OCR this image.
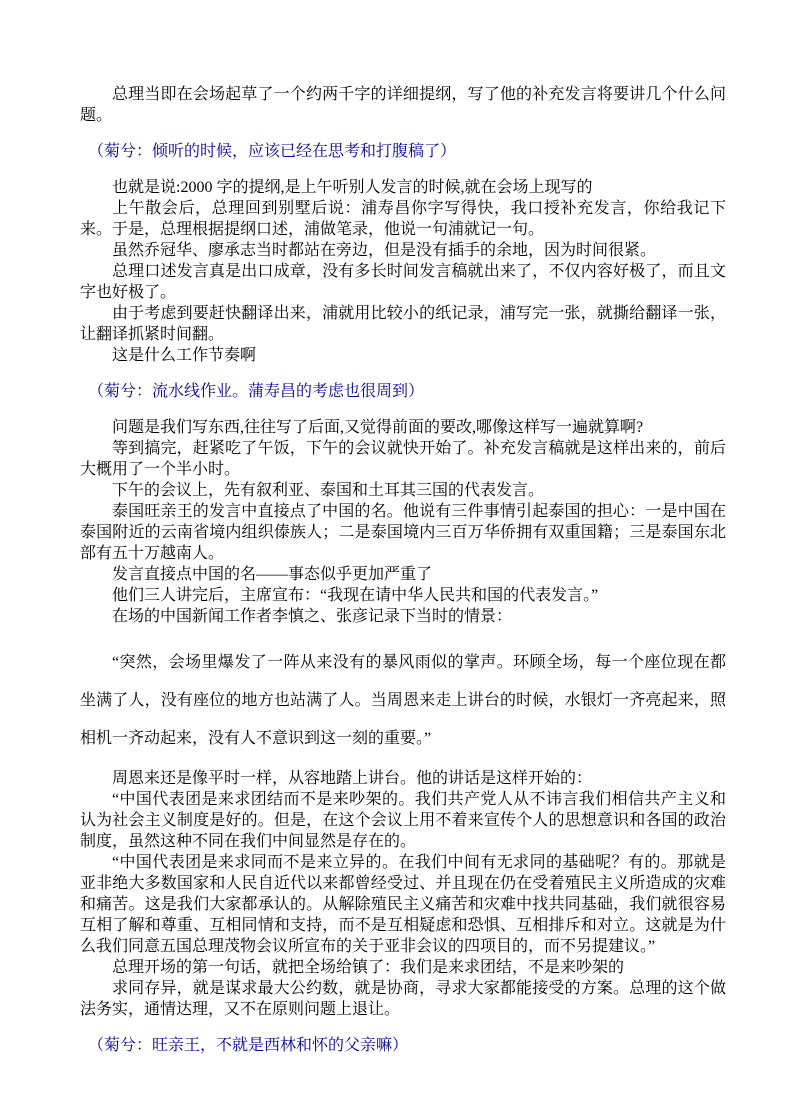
总理当即在会场起草了一个约两千字的详细提纲，写了他的补充发言将要讲几个什么问题。

（菊兮：倾听的时候，应该已经在思考和打腹稿了）

也就是说:2000 字的提纲,是上午听别人发言的时候,就在会场上现写的

上午散会后，总理回到别墅后说：浦寿昌你字写得快，我口授补充发言，你给我记下来。于是，总理根据提纲口述，浦做笔录，他说一句浦就记一句。

虽然乔冠华、廖承志当时都站在旁边，但是没有插手的余地，因为时间很紧。

总理口述发言真是出口成章，没有多长时间发言稿就出来了，不仅内容好极了，而且文字也好极了。

由于考虑到要赶快翻译出来，浦就用比较小的纸记录，浦写完一张，就撕给翻译一张，让翻译抓紧时间翻。

这是什么工作节奏啊

（菊兮：流水线作业。蒲寿昌的考虑也很周到）

问题是我们写东西,往往写了后面,又觉得前面的要改,哪像这样写一遍就算啊?

等到搞完，赶紧吃了午饭，下午的会议就快开始了。补充发言稿就是这样出来的，前后大概用了一个半小时。

下午的会议上，先有叙利亚、泰国和土耳其三国的代表发言。

泰国旺亲王的发言中直接点了中国的名。他说有三件事情引起泰国的担心：一是中国在泰国附近的云南省境内组织傣族人；二是泰国境内三百万华侨拥有双重国籍；三是泰国东北部有五十万越南人。

发言直接点中国的名——事态似乎更加严重了

他们三人讲完后，主席宣布：“我现在请中华人民共和国的代表发言。”

在场的中国新闻工作者李慎之、张彦记录下当时的情景：

“突然，会场里爆发了一阵从来没有的暴风雨似的掌声。环顾全场，每一个座位现在都坐满了人，没有座位的地方也站满了人。当周恩来走上讲台的时候，水银灯一齐亮起来，照相机一齐动起来，没有人不意识到这一刻的重要。”

周恩来还是像平时一样，从容地踏上讲台。他的讲话是这样开始的：

“中国代表团是来求团结而不是来吵架的。我们共产党人从不讳言我们相信共产主义和认为社会主义制度是好的。但是，在这个会议上用不着来宣传个人的思想意识和各国的政治制度，虽然这种不同在我们中间显然是存在的。

“中国代表团是来求同而不是来立异的。在我们中间有无求同的基础呢？有的。那就是亚非绝大多数国家和人民自近代以来都曾经受过、并且现在仍在受着殖民主义所造成的灾难和痛苦。这是我们大家都承认的。从解除殖民主义痛苦和灾难中找共同基础，我们就很容易互相了解和尊重、互相同情和支持，而不是互相疑虑和恐惧、互相排斥和对立。这就是为什么我们同意五国总理茂物会议所宣布的关于亚非会议的四项目的，而不另提建议。”

总理开场的第一句话，就把全场给镇了：我们是来求团结，不是来吵架的

求同存异，就是谋求最大公约数，就是协商，寻求大家都能接受的方案。总理的这个做法务实，通情达理，又不在原则问题上退让。

（菊兮：旺亲王，不就是西林和怀的父亲嘛）
